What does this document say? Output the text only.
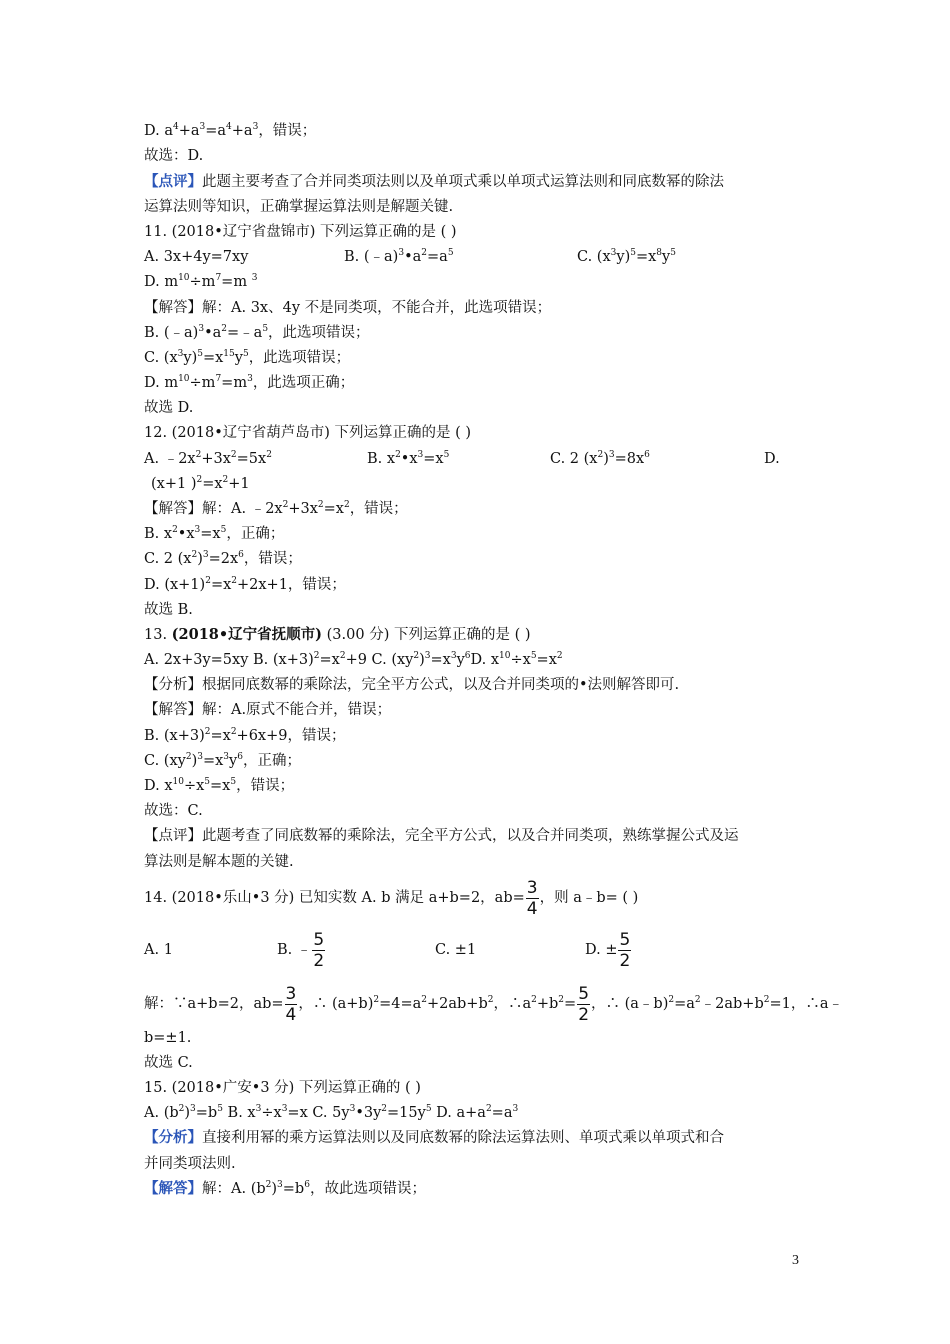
D. $a^4+a^3=a^4+a^3$，错误；
故选：D.
【点评】此题主要考查了合并同类项法则以及单项式乘以单项式运算法则和同底数幂的除法
运算法则等知识，正确掌握运算法则是解题关键.
11. (2018•辽宁省盘锦市) 下列运算正确的是 ( )
A. 3x+4y=7xy	B. $(﹣a)^3•a^2=a^5$	C. $(x^3y)^5=x^8y^5$
D. $m^{10}\div m^7=m$ $^3$
【解答】解：A. 3x、4y 不是同类项，不能合并，此选项错误；
B. $(﹣a)^3•a^2=﹣a^5$，此选项错误；
C. $(x^3y)^5=x^{15}y^5$，此选项错误；
D. $m^{10}\div m^7=m^3$，此选项正确；
故选 D.
12. (2018•辽宁省葫芦岛市) 下列运算正确的是 ( )
A. $﹣2x^2+3x^2=5x^2$	B. $x^2•x^3=x^5$	C. 2 $(x^2)^3=8x^6$	D.
(x+1 )$^2=x^2+1$
【解答】解：A. $﹣2x^2+3x^2=x^2$，错误；
B. $x^2•x^3=x^5$，正确；
C. 2 $(x^2)^3=2x^6$，错误；
D. $(x+1)^2=x^2+2x+1$，错误；
故选 B.
13. (2018•辽宁省抚顺市) (3.00 分) 下列运算正确的是 ( )
A. 2x+3y=5xy B. $(x+3)^2=x^2+9$ C. $(xy^2)^3=x^3y^6D$. $x^{10}\div x^5=x^2$
【分析】根据同底数幂的乘除法，完全平方公式，以及合并同类项的•法则解答即可.
【解答】解：A.原式不能合并，错误；
B. $(x+3)^2=x^2+6x+9$，错误；
C. $(xy^2)^3=x^3y^6$，正确；
D. $x^{10}\div x^5=x^5$，错误；
故选：C.
【点评】此题考查了同底数幂的乘除法，完全平方公式，以及合并同类项，熟练掌握公式及运
算法则是解本题的关键.
14. (2018•乐山•3 分) 已知实数 A. b 满足 a+b=2，$ab= \frac{3}{4}$ ，则 a﹣b= ( )
A. 1	B. ﹣ $\frac{5}{2}$	C. ±1	D. ± $\frac{5}{2}$
解：∵a+b=2，$ab= \frac{3}{4}$ ，∴ $(a+b)^2=4=a^2+2ab+b^2$，$\therefore a^2+b^2= \frac{5}{2}$ ，∴ $(a﹣b)^2=a^2﹣2ab+b^2=1$，∴a﹣
b=±1.
故选 C.
15. (2018•广安•3 分) 下列运算正确的 ( )
A. $(b^2)^3=b^5$ B. $x^3\div x^3=x$ C. $5y^3•3y^2=15y^5$ D. $a+a^2=a^3$
【分析】直接利用幂的乘方运算法则以及同底数幂的除法运算法则、单项式乘以单项式和合
并同类项法则.
【解答】解：A. $(b^2)^3=b^6$，故此选项错误；
3
